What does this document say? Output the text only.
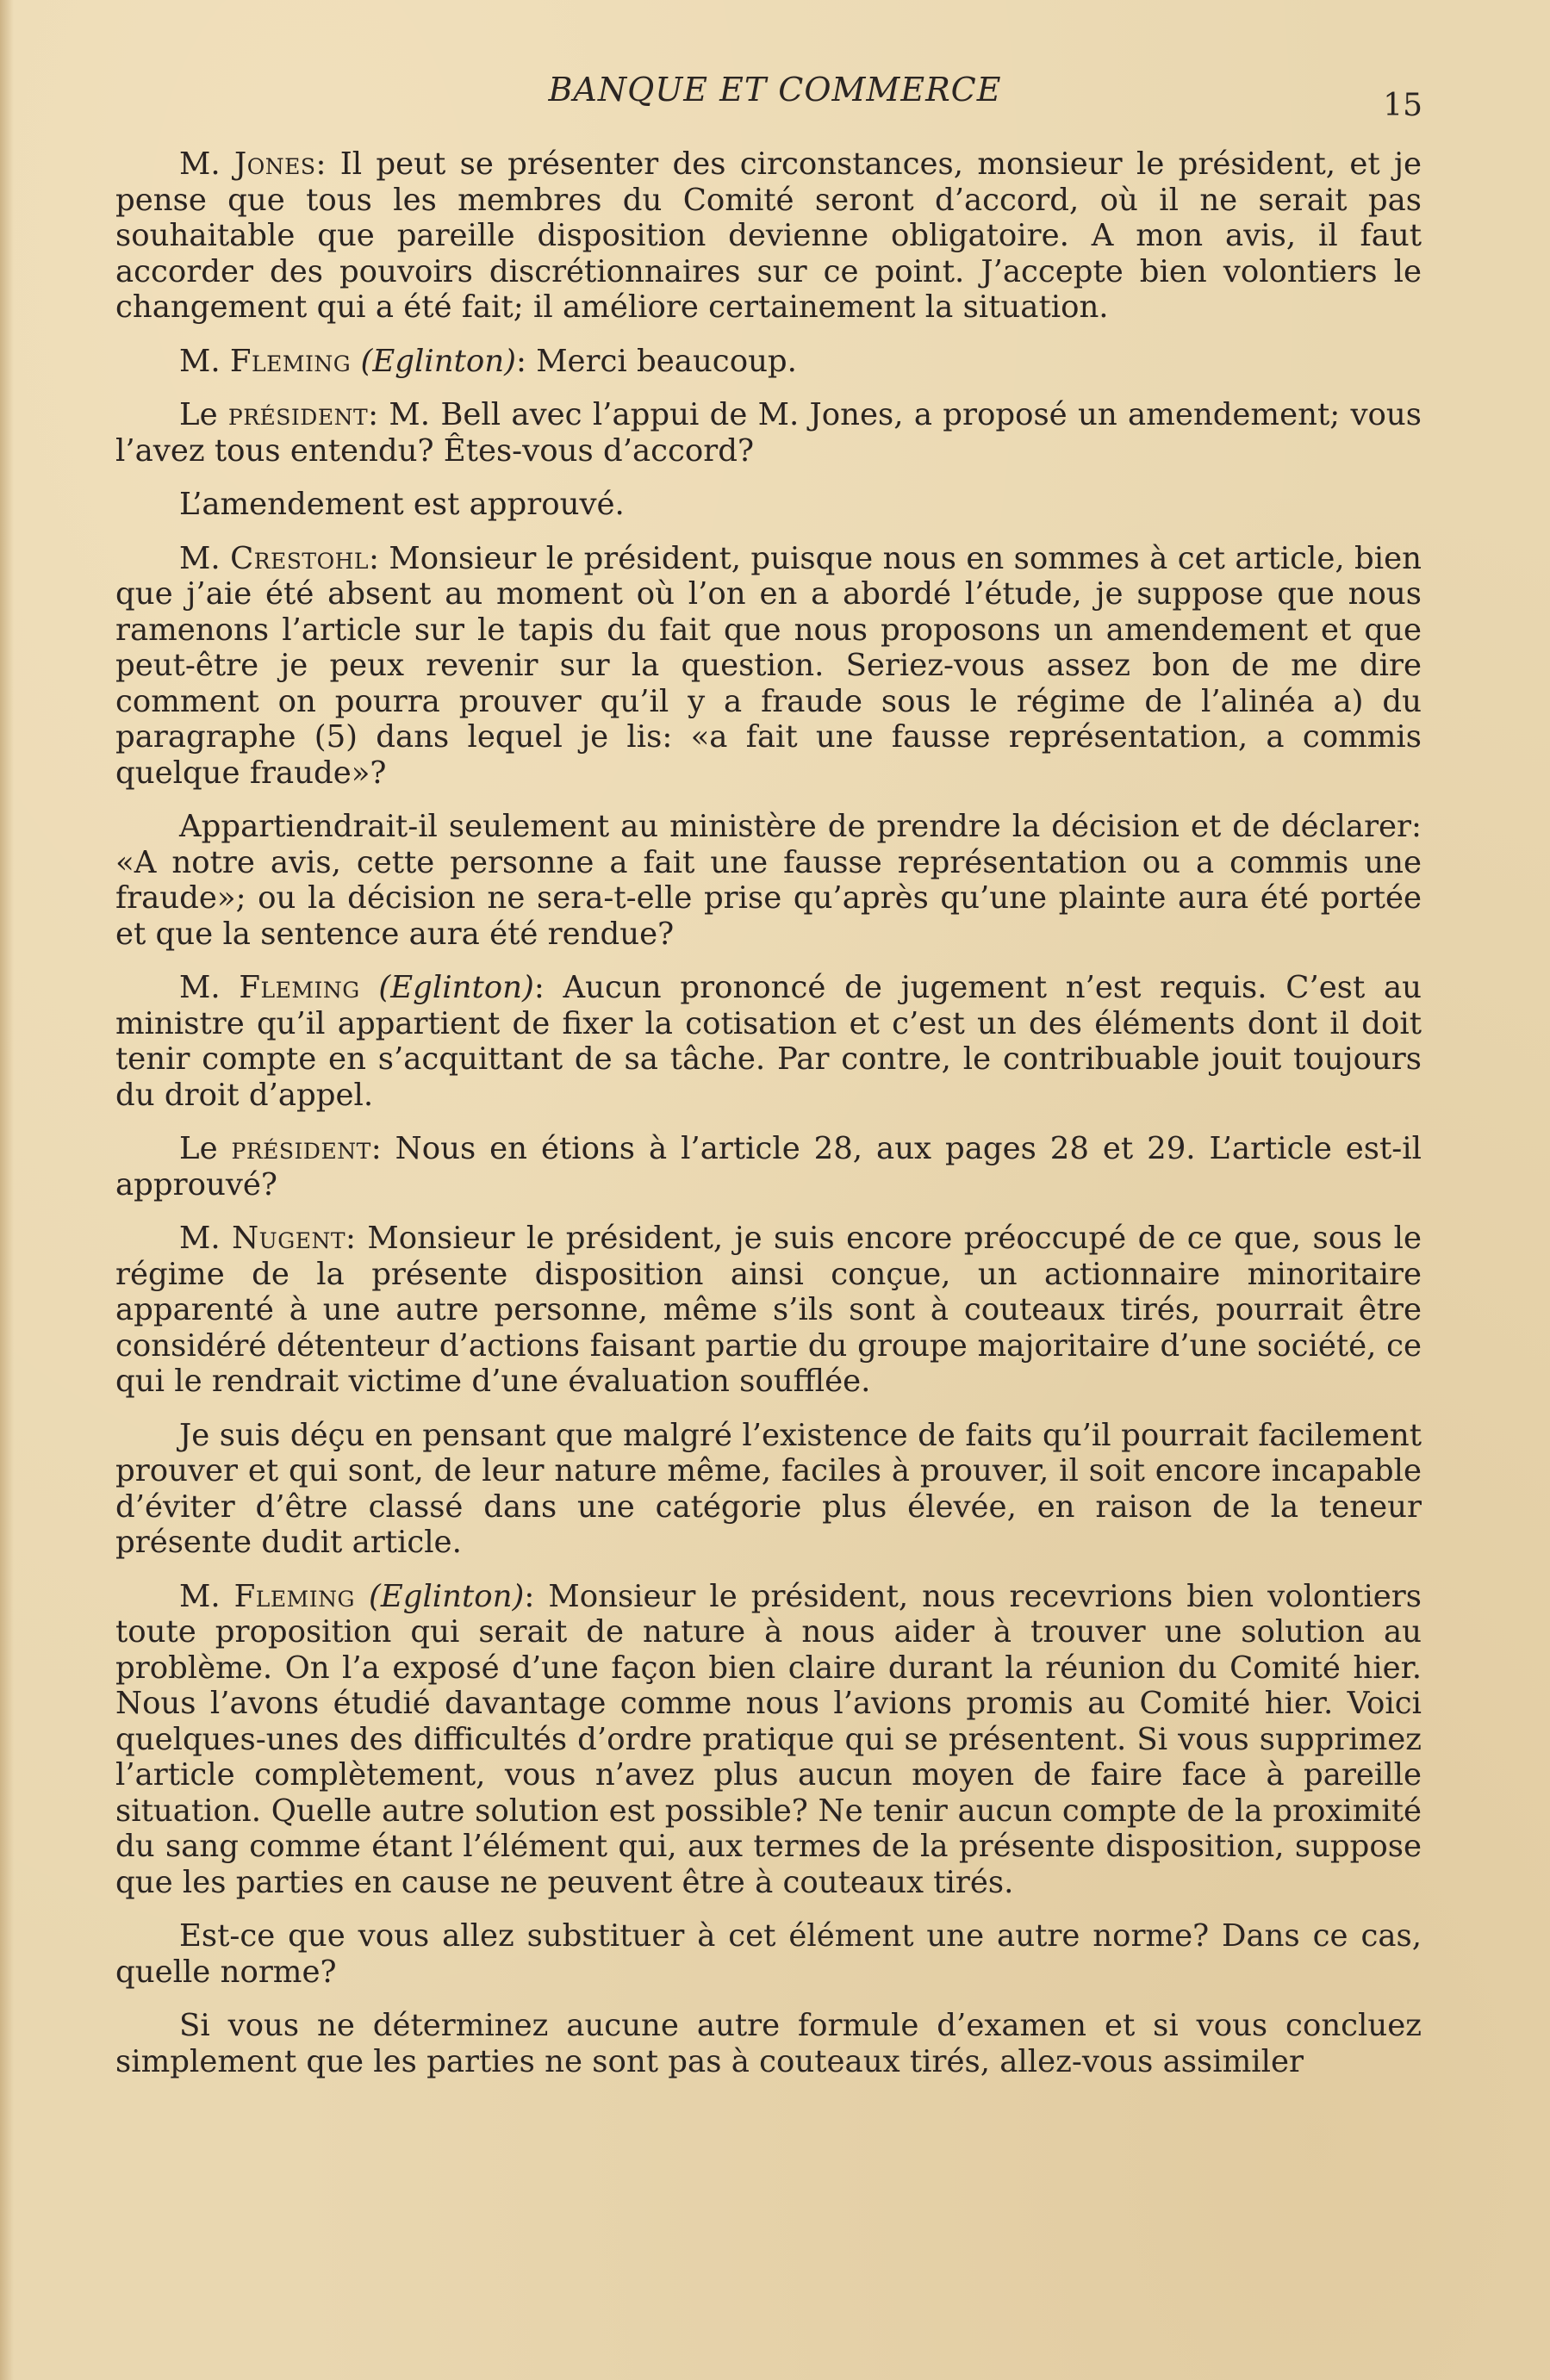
BANQUE ET COMMERCE	15

M. Jones: Il peut se présenter des circonstances, monsieur le président, et je pense que tous les membres du Comité seront d’accord, où il ne serait pas souhaitable que pareille disposition devienne obligatoire. A mon avis, il faut accorder des pouvoirs discrétionnaires sur ce point. J’accepte bien volontiers le changement qui a été fait; il améliore certainement la situation.

M. Fleming (Eglinton): Merci beaucoup.

Le président: M. Bell avec l’appui de M. Jones, a proposé un amendement; vous l’avez tous entendu? Êtes-vous d’accord?

L’amendement est approuvé.

M. Crestohl: Monsieur le président, puisque nous en sommes à cet article, bien que j’aie été absent au moment où l’on en a abordé l’étude, je suppose que nous ramenons l’article sur le tapis du fait que nous proposons un amendement et que peut-être je peux revenir sur la question. Seriez-vous assez bon de me dire comment on pourra prouver qu’il y a fraude sous le régime de l’alinéa a) du paragraphe (5) dans lequel je lis: «a fait une fausse représentation, a commis quelque fraude»?

Appartiendrait-il seulement au ministère de prendre la décision et de déclarer: «A notre avis, cette personne a fait une fausse représentation ou a commis une fraude»; ou la décision ne sera-t-elle prise qu’après qu’une plainte aura été portée et que la sentence aura été rendue?

M. Fleming (Eglinton): Aucun prononcé de jugement n’est requis. C’est au ministre qu’il appartient de fixer la cotisation et c’est un des éléments dont il doit tenir compte en s’acquittant de sa tâche. Par contre, le contribuable jouit toujours du droit d’appel.

Le président: Nous en étions à l’article 28, aux pages 28 et 29. L’article est-il approuvé?

M. Nugent: Monsieur le président, je suis encore préoccupé de ce que, sous le régime de la présente disposition ainsi conçue, un actionnaire minoritaire apparenté à une autre personne, même s’ils sont à couteaux tirés, pourrait être considéré détenteur d’actions faisant partie du groupe majoritaire d’une société, ce qui le rendrait victime d’une évaluation soufflée.

Je suis déçu en pensant que malgré l’existence de faits qu’il pourrait facilement prouver et qui sont, de leur nature même, faciles à prouver, il soit encore incapable d’éviter d’être classé dans une catégorie plus élevée, en raison de la teneur présente dudit article.

M. Fleming (Eglinton): Monsieur le président, nous recevrions bien volontiers toute proposition qui serait de nature à nous aider à trouver une solution au problème. On l’a exposé d’une façon bien claire durant la réunion du Comité hier. Nous l’avons étudié davantage comme nous l’avions promis au Comité hier. Voici quelques-unes des difficultés d’ordre pratique qui se présentent. Si vous supprimez l’article complètement, vous n’avez plus aucun moyen de faire face à pareille situation. Quelle autre solution est possible? Ne tenir aucun compte de la proximité du sang comme étant l’élément qui, aux termes de la présente disposition, suppose que les parties en cause ne peuvent être à couteaux tirés.

Est-ce que vous allez substituer à cet élément une autre norme? Dans ce cas, quelle norme?

Si vous ne déterminez aucune autre formule d’examen et si vous concluez simplement que les parties ne sont pas à couteaux tirés, allez-vous assimiler
